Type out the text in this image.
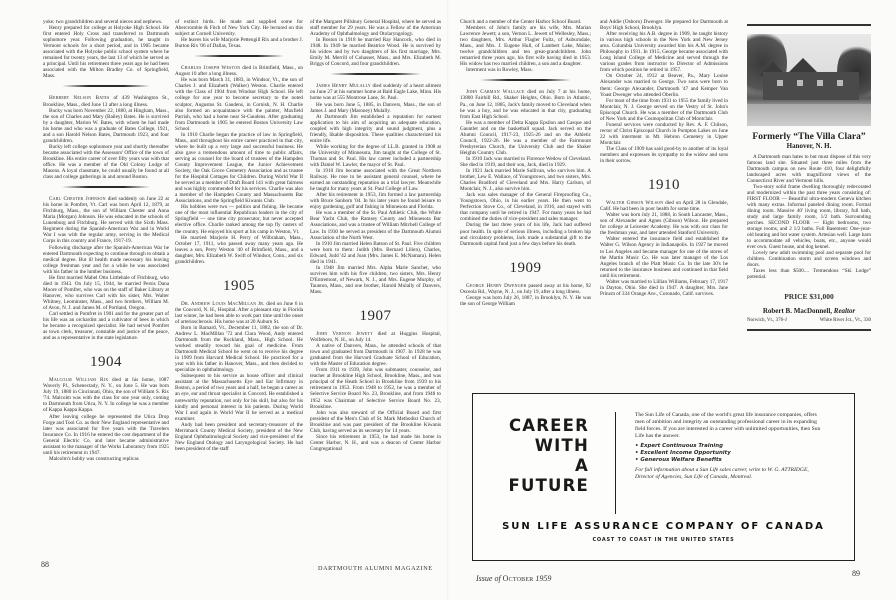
yoke; two grandchildren and several nieces and nephews.

Henry prepared for college at Holyoke High School. He first entered Holy Cross and transferred to Dartmouth sophomore year. Following graduation, he taught in Vermont schools for a short period, and in 1905 became associated with the Holyoke public school system where he remained for twenty years, the last 13 of which he served as a principal. Until his retirement three years ago he had been associated with the Milton Bradley Co. of Springfield, Mass.

Herbert Nelson Bates of 439 Washington St., Brookline, Mass., died June 13 after a long illness.

Bucky was born November 22, 1880, at Hingham, Mass., the son of Charles and Mary (Bailey) Bates. He is survived by a daughter, Marion W. Bates, with whom he had made his home and who was a graduate of Bates College, 1921, and a son Harold Nelson Bates, Dartmouth 1923, and four grandchildren.

Bucky left college sophomore year and shortly thereafter became associated with the Assessors' Office of the town of Brookline. His entire career of over fifty years was with that office. He was a member of the Old Colony Lodge of Masons. A loyal classmate, he could usually be found at all class and college gatherings in and around Boston.

Carl Chester Johnson died suddenly on June 22 at his home in Pomfret, Vt. Carl was born April 12, 1879, at Fitchburg, Mass., the son of William Chester and Anna Maria (Morgan) Johnson. He was educated in the schools of Lunenburg and Fitchburg. He served with the Sixth Mass. Regiment during the Spanish-American War and in World War I was with the regular army, serving in the Medical Corps in this country and France, 1917-19.

Following discharge after the Spanish-American War he entered Dartmouth expecting to continue through to obtain a medical degree. But ill health made necessary his leaving college freshman year and for a while he was associated with his father in the lumber business.

He first married Mabel Otto Littlehale of Fitchburg, who died in 1943. On July 15, 1944, he married Persis Dana Moore of Pomfret, who was on the staff of Baker Library at Hanover, who survives Carl with his sister, Mrs. Walter Whitney, Leominster, Mass., and two brothers, William M. of Avon, N. J. and James M. of Portland, Oregon.

Carl settled in Pomfret in 1901 and for the greater part of his life was an orchardist and a cultivator of bees in which he became a recognized specialist. He had served Pomfret as town clerk, treasurer, constable and justice of the peace, and as a representative in the state legislature.

1904

Malcolm William Rix died at his home, 1087 Waverly Pl., Schenectady, N. Y., on June 5. He was born July 19, 1880 in Cincinnati, Ohio, the son of William S. Rix '74. Malcolm was with the class for one year only, coming to Dartmouth from Utica, N. Y. In college he was a member of Kappa Kappa Kappa.

After leaving college he represented the Utica Drop Forge and Tool Co. as their New England representative and later was associated for five years with the Travelers Insurance Co. In 1916 he entered the cost department of the General Electric Co. and later became administrative assistant to the manager of the Works Laboratory from 1925 until his retirement in 1947.

Malcolm's hobby was constructing replicas

of extinct birds. He made and supplied some for Abercrombie & Fitch of New York City. He lectured on this subject at Cornell University.

He leaves his wife Marjorie Pettengill Rix and a brother J. Burton Rix '06 of Dallas, Texas.

Charles Joseph Weston died in Brimfield, Mass., on August 10 after a long illness.

He was born March 31, 1883, in Windsor, Vt., the son of Charles J. and Elizabeth (Walker) Weston. Charlie entered with the Class of 1904 from Windsor High School. He left college for one year to become secretary to the noted sculptor, Augustus St. Gaudens, in Cornish, N. H. Charlie also formed an acquaintance with the painter, Maxfield Parrish, who had a home near St-Gaudens. After graduating from Dartmouth in 1905 he entered Boston University Law School.

In 1910 Charlie began the practice of law in Springfield, Mass., and throughout his entire career practiced in that city, where he built up a very large and successful business. He also gave a tremendous amount of time to public affairs, serving as counsel for the board of trustees of the Hampden County Improvement League, the Junior Achievement Society, the Oak Grove Cemetery Association and as trustee for the Hospital Cottages for Children. During World War II he served as a member of Draft Board 141 with great fairness and was highly commended for his services. Charlie was also a member of the Hampden County and Massachusetts Bar Associations, and the Springfield Kiwanis Club.

His hobbies were two — politics and fishing. He became one of the most influential Republican leaders in the city of Springfield — one time city prosecutor, but never accepted elective office. Charlie ranked among the top fly casters of the country. He enjoyed his sport at his camp in Weston, Vt.

He married Marjorie H. Perry of Wilbraham, Mass., October 17, 1911, who passed away many years ago. He leaves a son, Perry Weston '40 of Brimfield, Mass., and a daughter, Mrs. Elizabeth W. Swift of Windsor, Conn., and six grandchildren.

1905

Dr. Andrew Louis MacMillan Jr. died on June 6 in the Concord, N. H., Hospital. After a pleasant stay in Florida last winter, he had been able to work part time until the onset of arteriosclerosis. His home was at 20 Auburn St.

Born in Barnard, Vt., December 11, 1882, the son of Dr. Andrew L. MacMillan '72 and Clara Wood, Andy entered Dartmouth from the Rockland, Mass., High School. He worked steadily toward his goal of medicine. From Dartmouth Medical School he went on to receive his degree in 1909 from Harvard Medical School. He practiced for a year with his father in Hanover, Mass., and then decided to specialize in ophthalmology.

Subsequent to his service as house officer and clinical assistant at the Massachusetts Eye and Ear Infirmary in Boston, a period of two years and a half, he began a career as an eye, ear and throat specialist in Concord. He established a noteworthy reputation, not only for his skill, but also for his kindly and personal interest in his patients. During World War I and again in World War II he served as a medical examiner.

Andy had been president and secretary-treasurer of the Merrimack County Medical Society, president of the New England Ophthalmological Society and vice-president of the New England Otology and Laryngological Society. He had been president of the staff

of the Margaret Pillsbury General Hospital, where he served as staff member for 29 years. He was a Fellow of the American Academy of Ophthalmology and Otolaryngology.

In Boston in 1918 he married Ray Hancock, who died in 1948. In 1949 he married Beatrice Wood. He is survived by his widow and by two daughters of his first marriage, Mrs. Emily M. Merrill of Cohasset, Mass., and Mrs. Elizabeth M. Briggs of Concord, and four grandchildren.

James Henry Mulally died suddenly of a heart ailment on June 27 at his summer home at Bald Eagle Lake, Minn. His home was at 555 Montrose Lane, St. Paul.

He was born June 5, 1885, in Danvers, Mass., the son of James J. and Mary (Maroney) Mulally.

At Dartmouth Jim established a reputation for earnest application to his aim of acquiring an adequate education, coupled with high integrity and sound judgment, plus a friendly, likable disposition. These qualities characterized his entire life.

While working for the degree of LL.B. granted in 1908 at the University of Minnesota, Jim taught at the College of St. Thomas and St. Paul. His law career included a partnership with Daniel W. Lawler, the mayor of St. Paul.

In 1910 Jim became associated with the Great Northern Railway. He rose to be assistant general counsel, where he earned an outstanding reputation as a trial lawyer. Meanwhile he taught for many years at St. Paul College of Law.

After his retirement in 1953, Jim formed a law partnership with Bruce Sanborn '04. In his later years he found leisure to enjoy gardening, golf and fishing in Minnesota and Florida.

He was a member of the St. Paul Athletic Club, the White Bear Yacht Club, the Ramsey County and Minnesota Bar Associations, and was a trustee of William Mitchell College of Law. In 1930 he served as president of the Dartmouth Alumni Association of the North West.

In 1910 Jim married Helen Batson of St. Paul. Five children were born to them: Judith (Mrs. Bernard Lilien), Charles, Edward, Judd '42 and Joan (Mrs. James E. McNamara). Helen died in 1941.

In 1948 Jim married Mrs. Alpha Marie Sanchet, who survives him with his five children, two sisters, Mrs. Henry D'Entremont, of Newark, N. J., and Mrs. Eugene Murphy, of Taunton, Mass., and one brother, Harold Mulally of Danvers, Mass.

1907

John Vernon Jewett died at Huggins Hospital, Wolfeboro, N. H., on July 14.

A native of Danvers, Mass., he attended schools of that town and graduated from Dartmouth in 1907. In 1928 he was graduated from the Harvard Graduate School of Education, with the Master of Education degree.

From 1911 to 1939, John was submaster, counselor, and teacher at Brookline High School, Brookline, Mass., and was principal of the Heath School in Brookline from 1939 to his retirement in 1953. From 1948 to 1952, he was a member of Selective Service Board No. 23, Brookline, and from 1948 to 1952 was Chairman of Selective Service Board No. 23, Brookline.

John was also steward of the Official Board and first president of the Men's Club of St. Mark Methodist Church of Brookline and was past president of the Brookline Kiwanis Club, having served as its secretary for 14 years.

Since his retirement in 1953, he had made his home in Center Harbor, N. H., and was a deacon of Center Harbor Congregational

88	DARTMOUTH ALUMNI MAGAZINE

Church and a member of the Center Harbor School Board.

Members of John's family are his wife, Mrs. Marian Lawrence Jewett; a son, Vernon L. Jewett of Wellesley, Mass.; two daughters, Mrs. Arthur Flagler Fultz, of Auburndale, Mass., and Mrs. J. Eugene Hull, of Lambert Lake, Maine; twelve grandchildren and ten great-grandchildren. John remarried three years ago, his first wife having died in 1953. His widow has two married children, a son and a daughter.

Interment was in Rowley, Mass.

John Carman Wallace died on July 7 at his home, 13800 Fairhill Rd., Shaker Heights, Ohio. Born in Atlantic, Pa., on June 12, 1885, Jack's family moved to Cleveland when he was a boy, and he was educated in that city, graduating from East High School.

He was a member of Delta Kappa Epsilon and Casque and Gauntlet and on the basketball squad. Jack served on the Alumni Council, 1917-23, 1925-26 and on the Athletic Council, 1922-26. He was a member of the Fairmount Presbyterian Church, the University Club and the Shaker Heights Country Club.

In 1910 Jack was married to Florence Wedow of Cleveland. She died in 1919, and their son, Jack, died in 1929.

In 1921 Jack married Marie Sullivan, who survives him. A brother, Lew E. Wallace, of Youngstown, and two sisters, Mrs. Charles Bradford of Cleveland and Mrs. Harry Carlson, of Montclair, N. J., also survive him.

Jack was sales manager of the General Fireproofing Co., Youngstown, Ohio, in his earlier years. He then went to Perfection Stove Co., of Cleveland, in 1916, and stayed with that company until he retired in 1947. For many years he had combined the duties of vice-president and sales manager.

During the last three years of his life, Jack had suffered poor health. In spite of serious illness, including a broken hip and circulatory problems, Jack made a substantial gift to the Dartmouth capital fund just a few days before his death.

1909

George Henry Dwenger passed away at his home, 92 Osceola Rd., Wayne, N. J., on July 19, after a long illness.

George was born July 26, 1887, in Brooklyn, N. Y. He was the son of George William

and Addie (Osborn) Dwenger. He prepared for Dartmouth at Boys' High School, Brooklyn.

After receiving his A.B. degree in 1909, he taught history in various high schools in the New York and New Jersey area. Columbia University awarded him his A.M. degree in Philosophy in 1931. In 1915, George became associated with Long Island College of Medicine and served through the various grades from instructor to Director of Admissions from which position he retired in 1957.

On October 24, 1912 at Beaver, Pa., Mary Louise Alexander was married to George. Two sons were born to them: George Alexander, Dartmouth '47 and Kemper Van Yoast Dwenger who attended Oberlin.

For most of the time from 1931 to 1955 the family lived in Montclair, N. J. George served on the Vestry of St. John's Episcopal Church. He was a member of the Dartmouth Club of New York and the Cosmopolitan Club of Montclair.

Funeral services were conducted by Rev. A. F. Chilson, rector of Christ Episcopal Church in Pompton Lakes on June 22 with interment in Mt. Hebron Cemetery in Upper Montclair.

The Class of 1909 has said good-by to another of its loyal members and expresses its sympathy to the widow and sons in their sorrow.

1910

Walter Gibson Wilson died on April 28 in Glendale, Calif. He had been in poor health for some time.

Walter was born July 21, 1888, in South Lancaster, Mass., son of Alexander and Agnes (Gibson) Wilson. He prepared for college at Leicester Academy. He was with our class for the freshman year, and later attended Stanford University.

Walter entered the insurance field and established the Walter G. Wilson Agency in Indianapolis. In 1927 he moved to Los Angeles and became manager for one of the stores of the Martin Music Co. He was later manager of the Los Angeles branch of the Platt Music Co. In the late 30's he returned to the insurance business and continued in that field until his retirement.

Walter was married to Lillian Williams, February 17, 1917 in Dayton, Ohio. She died in 1947. A daughter, Mrs. Jane Prinzm of 334 Orange Ave., Coronado, Calif. survives.

Formerly “The Villa Clara”
Hanover, N. H.

A Dartmouth man hates to but must dispose of this very famous land site. Situated just three miles from the Dartmouth campus on new Route 410, four delightfully landscaped acres with magnificent views of the Connecticut River and Vermont hills.

Two-story solid frame dwelling thoroughly redecorated and modernized within the past three years consisting of: FIRST FLOOR — Beautiful ultra-modern Geneva kitchen with many extras. Informal paneled dining room. Formal dining room. Massive 40' living room, library, full bath, study and large family room, 1/2 bath. Surrounding porches. SECOND FLOOR — Eight bedrooms, two storage rooms, and 2 1/2 baths. Full Basement: One-year-old heating and hot water system. Artesian well. Large barn to accommodate all vehicles, boats, etc., anyone would ever own. Guest house, and dog kennel.

Lovely new adult swimming pool and separate pool for children. Combination storm and screen windows and doors.

Taxes less than $500.... Tremendous “Ski Lodge” potential.

PRICE $31,000
Robert B. MacDonnell, Realtor
Norwich, Vt., 376-J	White River Jct., Vt., 330
CAREER
WITH
A
FUTURE
The Sun Life of Canada, one of the world's great life insurance companies, offers men of ambition and integrity an outstanding professional career in its expanding field forces. If you are interested in a career with unlimited opportunities, then Sun Life has the answer.
• Expert Continuous Training
• Excellent Income Opportunity
• Generous Welfare Benefits
For full information about a Sun Life sales career, write to W. G. ATTRIDGE, Director of Agencies, Sun Life of Canada, Montreal.
SUN LIFE ASSURANCE COMPANY OF CANADA
COAST TO COAST IN THE UNITED STATES
Issue of October 1959
89
